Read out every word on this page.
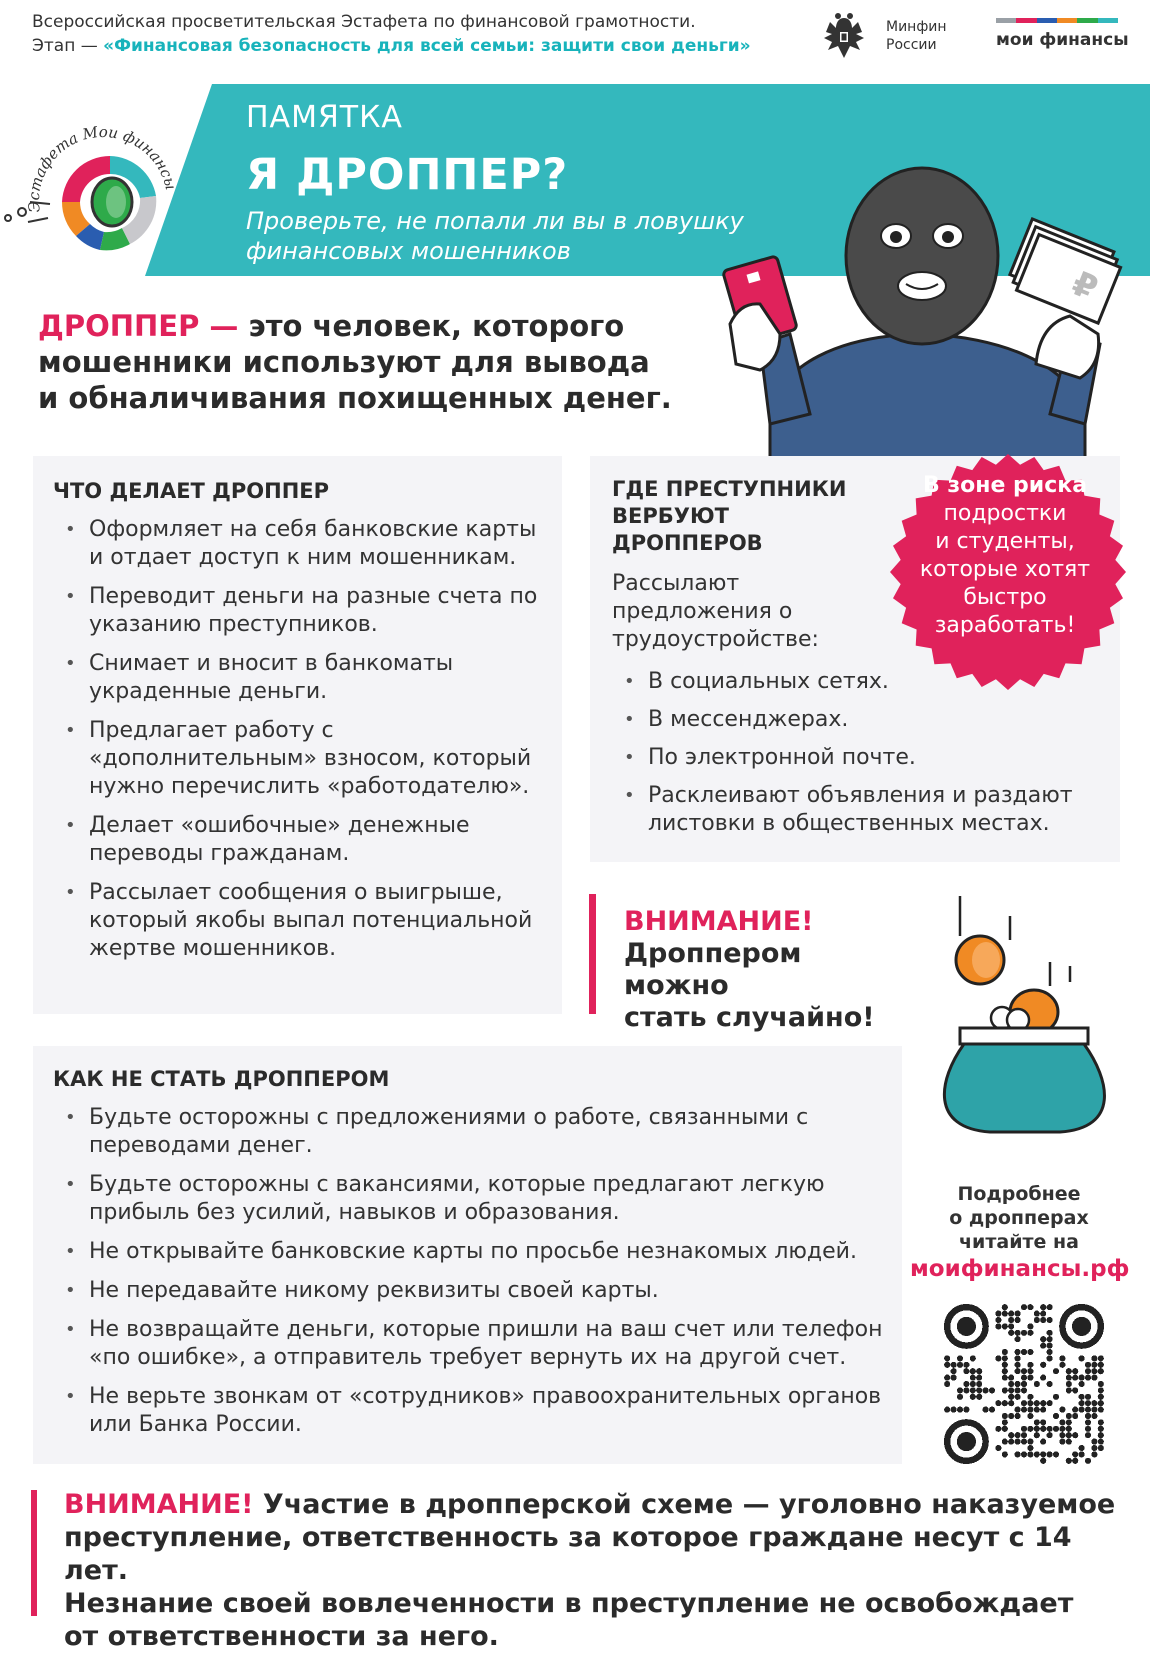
Всероссийская просветительская Эстафета по финансовой грамотности.
Этап — «Финансовая безопасность для всей семьи: защити свои деньги»
Минфин
России	мои финансы
ПАМЯТКА
Я ДРОППЕР?
Проверьте, не попали ли вы в ловушку
финансовых мошенников
Эстафета Мои финансы
ДРОППЕР — это человек, которого
мошенники используют для вывода
и обналичивания похищенных денег.
₽
ЧТО ДЕЛАЕТ ДРОППЕР
• Оформляет на себя банковские карты и отдает доступ к ним мошенникам.
• Переводит деньги на разные счета по указанию преступников.
• Снимает и вносит в банкоматы украденные деньги.
• Предлагает работу с «дополнительным» взносом, который нужно перечислить «работодателю».
• Делает «ошибочные» денежные переводы гражданам.
• Рассылает сообщения о выигрыше, который якобы выпал потенциальной жертве мошенников.
ГДЕ ПРЕСТУПНИКИ ВЕРБУЮТ ДРОППЕРОВ
Рассылают предложения о трудоустройстве:
• В социальных сетях.
• В мессенджерах.
• По электронной почте.
• Расклеивают объявления и раздают листовки в общественных местах.
В зоне риска
подростки
и студенты,
которые хотят
быстро
заработать!
ВНИМАНИЕ!
Дроппером можно
стать случайно!
КАК НЕ СТАТЬ ДРОППЕРОМ
• Будьте осторожны с предложениями о работе, связанными с переводами денег.
• Будьте осторожны с вакансиями, которые предлагают легкую прибыль без усилий, навыков и образования.
• Не открывайте банковские карты по просьбе незнакомых людей.
• Не передавайте никому реквизиты своей карты.
• Не возвращайте деньги, которые пришли на ваш счет или телефон «по ошибке», а отправитель требует вернуть их на другой счет.
• Не верьте звонкам от «сотрудников» правоохранительных органов или Банка России.
Подробнее
о дропперах
читайте на
моифинансы.рф
ВНИМАНИЕ! Участие в дропперской схеме — уголовно наказуемое
преступление, ответственность за которое граждане несут с 14 лет.
Незнание своей вовлеченности в преступление не освобождает
от ответственности за него.
